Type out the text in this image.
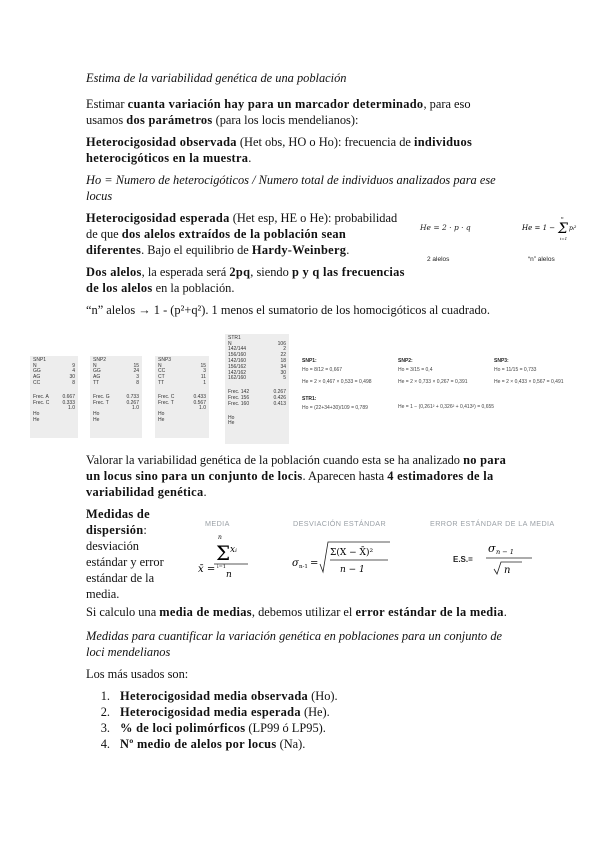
Estima de la variabilidad genética de una población
Estimar cuanta variación hay para un marcador determinado, para eso usamos dos parámetros (para los locis mendelianos):
Heterocigosidad observada (Het obs, HO o Ho): frecuencia de individuos heterocigóticos en la muestra.
Ho = Numero de heterocigóticos / Numero total de individuos analizados para ese locus
Heterocigosidad esperada (Het esp, HE o He): probabilidad de que dos alelos extraídos de la población sean diferentes. Bajo el equilibrio de Hardy-Weinberg.
Dos alelos, la esperada será 2pq, siendo p y q las frecuencias de los alelos en la población.
He = 2 · p · q	He = 1 − Σ
n
i=1
pᵢ²
2 alelos	“n” alelos
“n” alelos → 1 - (p²+q²). 1 menos el sumatorio de los homocigóticos al cuadrado.
SNP1
N	9
GG	4
AG	30
CC	8
Frec. A	0.667
Frec. C	0.333
1.0
Ho
He
SNP2
N	15
GG	24
AG	3
TT	8
Frec. G	0.733
Frec. T	0.267
1.0
Ho
He
SNP3
N	15
CC	3
CT	11
TT	1
Frec. C	0.433
Frec. T	0.567
1.0
Ho
He
STR1
N	106
142/144	2
156/160	22
142/160	18
156/162	34
142/162	30
162/160	5
Frec. 142	0.267
Frec. 156	0.426
Frec. 160	0.413
Ho
He
SNP1:
Ho = 8/12 = 0,667
He = 2 × 0,467 × 0,533 = 0,498
STR1:
Ho = (22+34+30)/109 = 0,789
SNP2:
Ho = 3/15 = 0,4
He = 2 × 0,733 × 0,267 = 0,391
He = 1 − (0,261² + 0,326² + 0,413²) = 0,655
SNP3:
Ho = 11/15 = 0,733
He = 2 × 0,433 × 0,567 = 0,491
Valorar la variabilidad genética de la población cuando esta se ha analizado no para un locus sino para un conjunto de locis. Aparecen hasta 4 estimadores de la variabilidad genética.
Medidas de dispersión: desviación estándar y error estándar de la media.
MEDIA	DESVIACIÓN ESTÁNDAR	ERROR ESTÁNDAR DE LA MEDIA
x̄ =
Σ
n
i=1
xᵢ
n
σ n-1 =
Σ(X − X̄)²
n − 1
E.S.=
σ n − 1
n
Si calculo una media de medias, debemos utilizar el error estándar de la media.
Medidas para cuantificar la variación genética en poblaciones para un conjunto de loci mendelianos
Los más usados son:
1. Heterocigosidad media observada (Ho).
2. Heterocigosidad media esperada (He).
3. % de loci polimórficos (LP99 ó LP95).
4. Nº medio de alelos por locus (Na).
